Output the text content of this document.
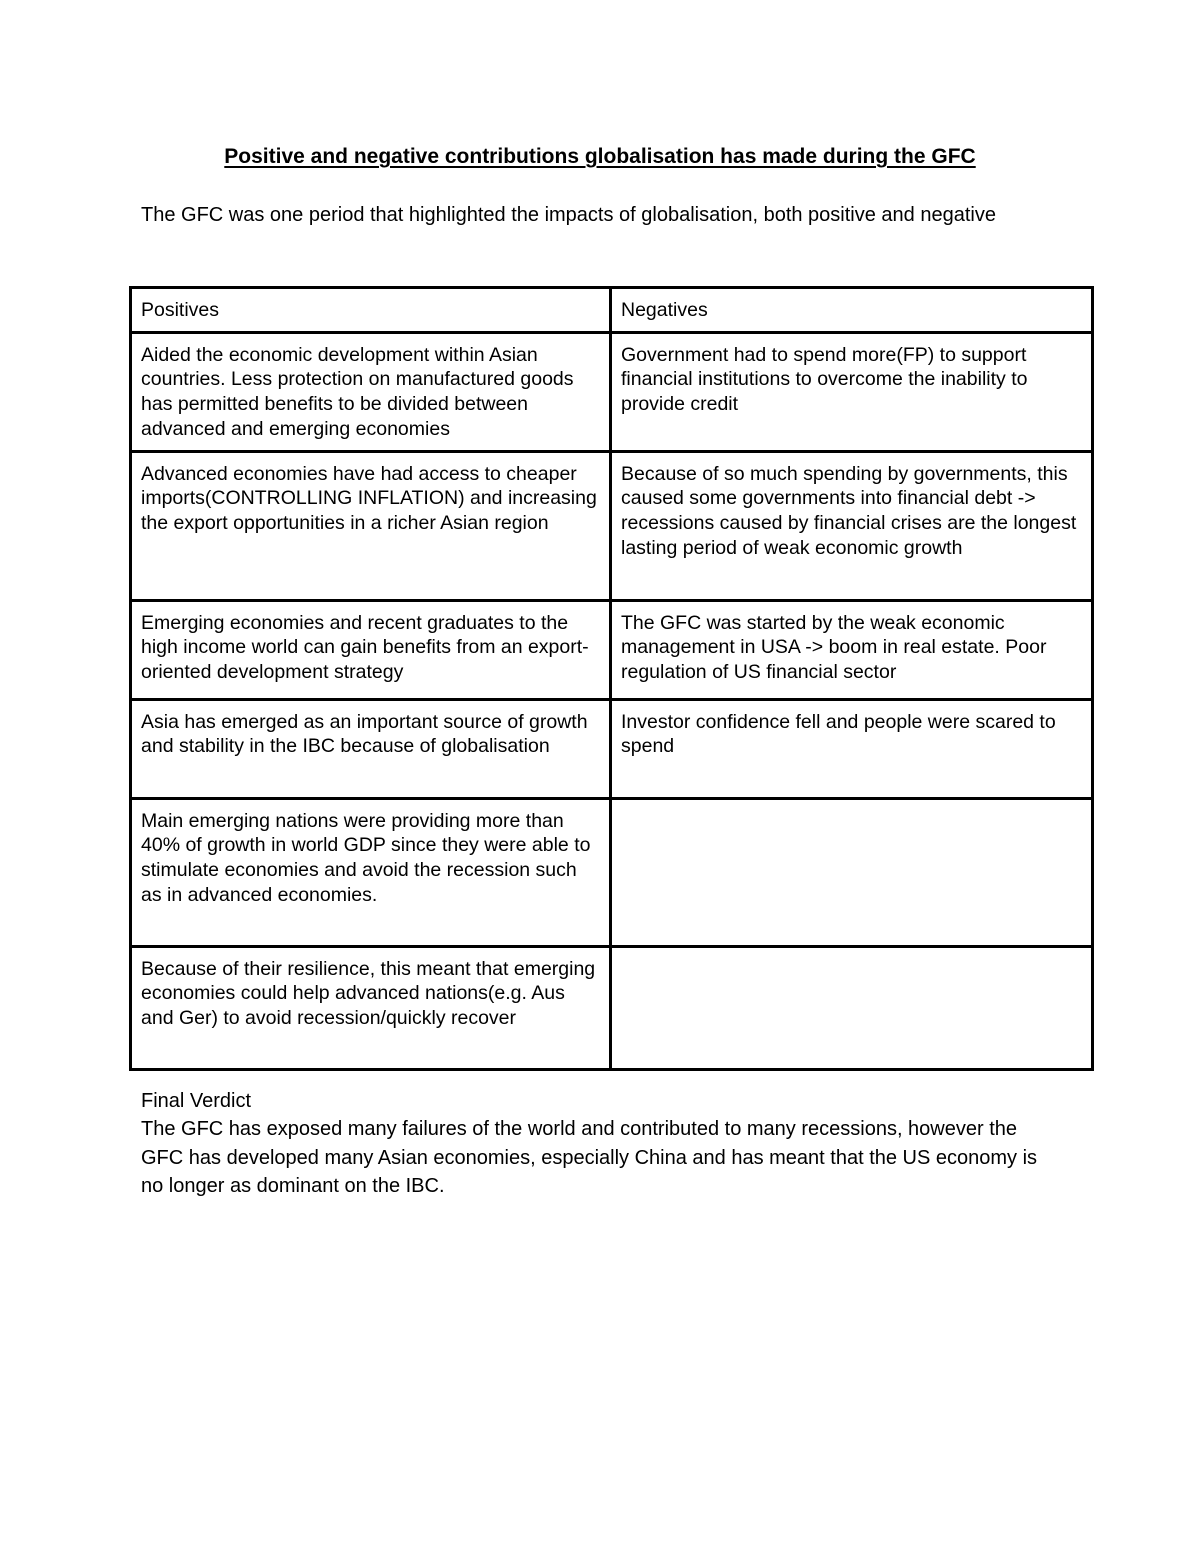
Positive and negative contributions globalisation has made during the GFC
The GFC was one period that highlighted the impacts of globalisation, both positive and negative
Positives	Negatives
Aided the economic development within Asian countries. Less protection on manufactured goods has permitted benefits to be divided between advanced and emerging economies	Government had to spend more(FP) to support financial institutions to overcome the inability to provide credit
Advanced economies have had access to cheaper imports(CONTROLLING INFLATION) and increasing the export opportunities in a richer Asian region	Because of so much spending by governments, this caused some governments into financial debt -> recessions caused by financial crises are the longest lasting period of weak economic growth
Emerging economies and recent graduates to the high income world can gain benefits from an export-oriented development strategy	The GFC was started by the weak economic management in USA -> boom in real estate. Poor regulation of US financial sector
Asia has emerged as an important source of growth and stability in the IBC because of globalisation	Investor confidence fell and people were scared to spend
Main emerging nations were providing more than 40% of growth in world GDP since they were able to stimulate economies and avoid the recession such as in advanced economies.	
Because of their resilience, this meant that emerging economies could help advanced nations(e.g. Aus and Ger) to avoid recession/quickly recover	
Final Verdict
The GFC has exposed many failures of the world and contributed to many recessions, however the GFC has developed many Asian economies, especially China and has meant that the US economy is no longer as dominant on the IBC.
